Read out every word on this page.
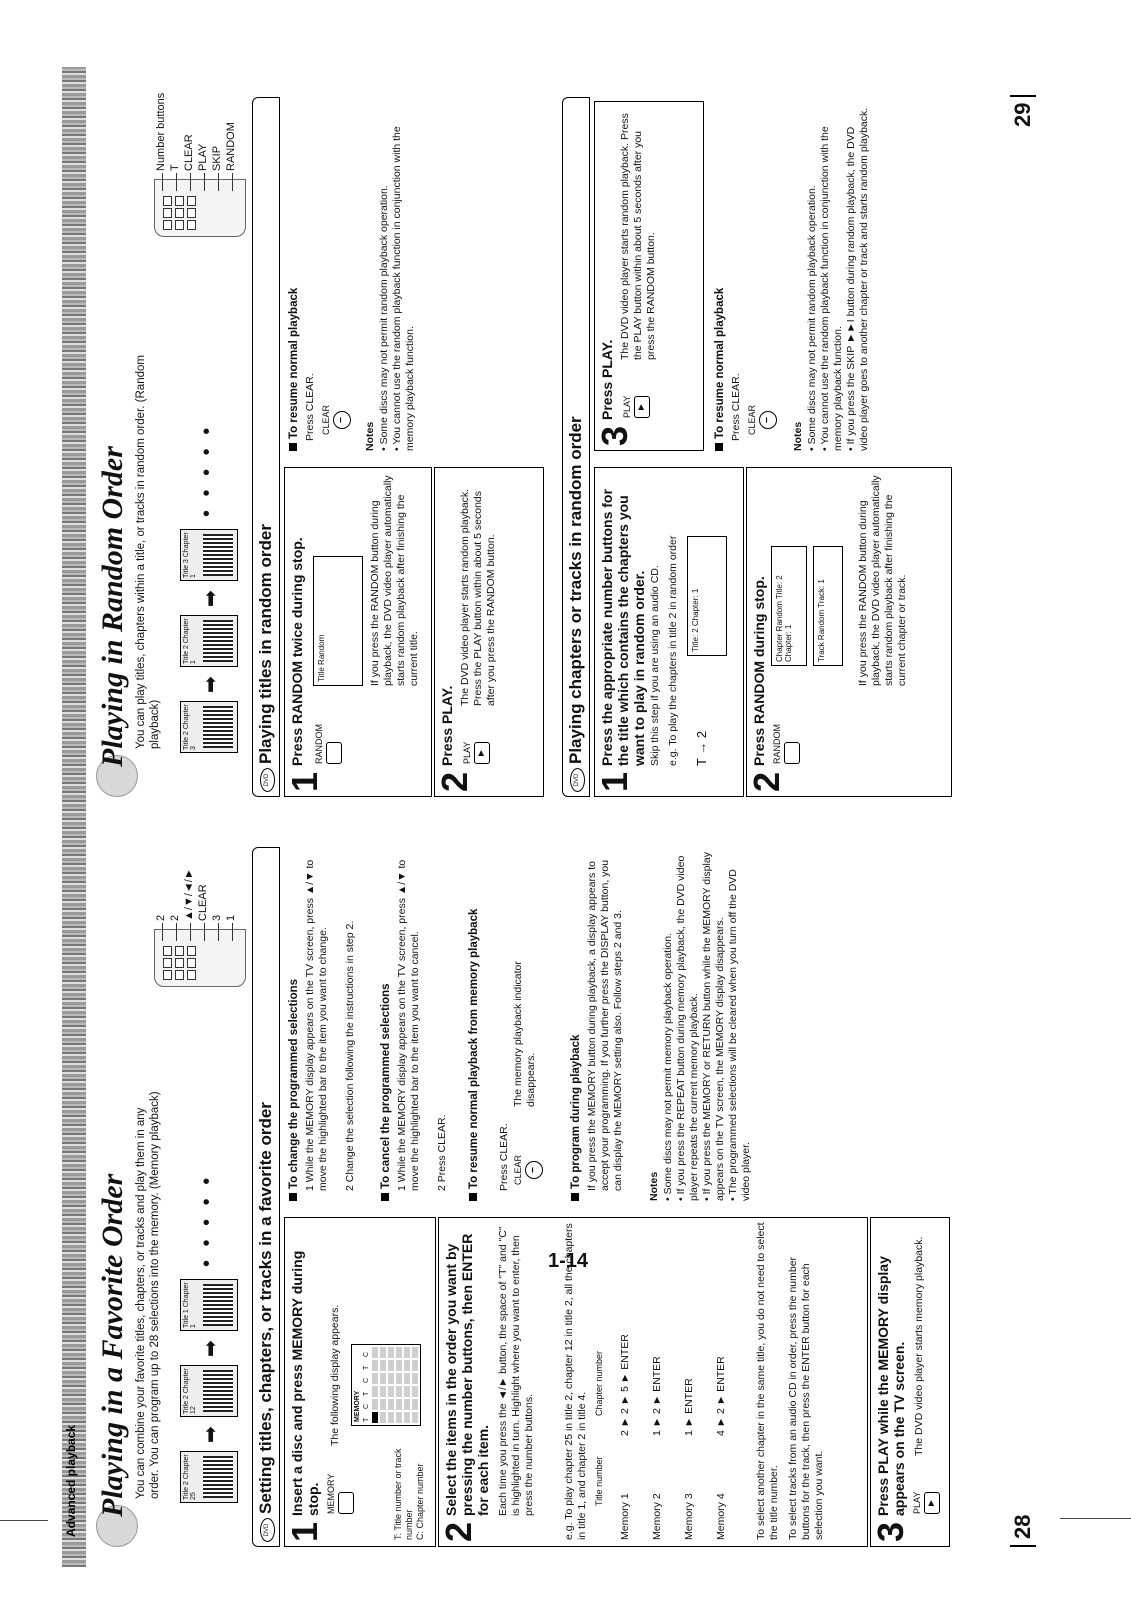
Advanced playback Playing in a Favorite Order You can combine your favorite titles, chapters, or tracks and play them in any order. You can program up to 28 selections into the memory. (Memory playback)	Title 2 Chapter 25
➡
Title 2 Chapter 12
➡
Title 1 Chapter 1
• • • • •
2 2 ▲/▼/◄/► CLEAR 3 1
DVD
Setting titles, chapters, or tracks in a favorite order
1
Insert a disc and press MEMORY during stop. MEMORY

The following display appears.
T: Title number or track number
C: Chapter number
MEMORY					
T	C	T	C	T	C

2
Select the items in the order you want by pressing the number buttons, then ENTER for each item. Each time you press the ◄/► button, the space of "T" and "C" is highlighted in turn. Highlight where you want to enter, then press the number buttons.	e.g. To play chapter 25 in title 2, chapter 12 in title 2, all the chapters in title 1, and chapter 2 in title 4. Title number
Chapter number
Memory 1
2 ► 2 ► 5 ► ENTER
Memory 2
1 ► 2 ► ENTER
Memory 3
1 ► ENTER
Memory 4
4 ► 2 ► ENTER	To select another chapter in the same title, you do not need to select the title number. To select tracks from an audio CD in order, press the number buttons for the track, then press the ENTER button for each selection you want. 3
Press PLAY while the MEMORY display appears on the TV screen. PLAY ►
The DVD video player starts memory playback.
To change the programmed selections 1 While the MEMORY display appears on the TV screen, press ▲/▼ to move the highlighted bar to the item you want to change. 2 Change the selection following the instructions in step 2. To cancel the programmed selections 1 While the MEMORY display appears on the TV screen, press ▲/▼ to move the highlighted bar to the item you want to cancel. 2 Press CLEAR. To resume normal playback from memory playback Press CLEAR. CLEAR −
The memory playback indicator disappears.	To program during playback If you press the MEMORY button during playback, a display appears to accept your programming. If you further press the DISPLAY button, you can display the MEMORY setting also. Follow steps 2 and 3. Notes • Some discs may not permit memory playback operation.
• If you press the REPEAT button during memory playback, the DVD video player repeats the current memory playback.
• If you press the MEMORY or RETURN button while the MEMORY display appears on the TV screen, the MEMORY display disappears.
• The programmed selections will be cleared when you turn off the DVD video player.
Playing in Random Order You can play titles, chapters within a title, or tracks in random order. (Random playback)	Title 2 Chapter 3
➡
Title 2 Chapter 1
➡
Title 3 Chapter 1
• • • • •
Number buttons T CLEAR PLAY SKIP RANDOM
DVD
Playing titles in random order
1
Press RANDOM twice during stop. RANDOM

Title Random	If you press the RANDOM button during playback, the DVD video player automatically starts random playback after finishing the current title.
2
Press PLAY. PLAY ►
The DVD video player starts random playback. Press the PLAY button within about 5 seconds after you press the RANDOM button.
To resume normal playback Press CLEAR. CLEAR −
Notes • Some discs may not permit random playback operation.
• You cannot use the random playback function in conjunction with the memory playback function.
DVD
Playing chapters or tracks in random order
1
Press the appropriate number buttons for the title which contains the chapters you want to play in random order. Skip this step if you are using an audio CD. e.g. To play the chapters in title 2 in random order T → 2
Title: 2 Chapter: 1
2
Press RANDOM during stop. RANDOM

Chapter Random Title: 2 Chapter: 1	Track Random Track: 1	If you press the RANDOM button during playback, the DVD video player automatically starts random playback after finishing the current chapter or track.
3
Press PLAY. PLAY ►
The DVD video player starts random playback. Press the PLAY button within about 5 seconds after you press the RANDOM button.	To resume normal playback Press CLEAR. CLEAR −
Notes • Some discs may not permit random playback operation.
• You cannot use the random playback function in conjunction with the memory playback function.
• If you press the SKIP ►►I button during random playback, the DVD video player goes to another chapter or track and starts random playback.
28
29
1-14
